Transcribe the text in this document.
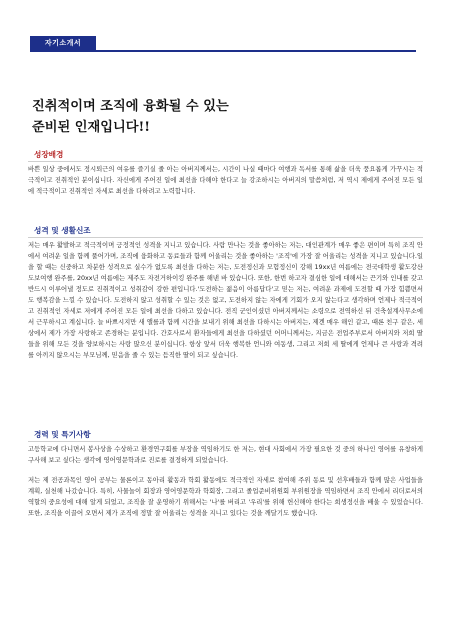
자기소개서
진취적이며 조직에 융화될 수 있는
준비된 인재입니다!!
성장배경
바쁜 일상 중에서도 정시퇴근의 여유를 즐기실 줄 아는 아버지께서는, 시간이 나실 때마다 여행과 독서를 통해 삶을 더욱 풍요롭게 가꾸시는 적극적이고 진취적인 분이십니다. 자신에게 주어진 일에 최선을 다해야 한다고 늘 강조하시는 아버지의 말씀처럼, 저 역시 제에게 주어진 모든 일에 적극적이고 진취적인 자세로 최선을 다하려고 노력합니다.
성격 및 생활신조
저는 매우 활발하고 적극적이며 긍정적인 성격을 지니고 있습니다. 사람 만나는 것을 좋아하는 저는, 대인관계가 매우 좋은 편이며 특히 조직 안에서 여려운 일을 함께 풀어가며, 조직에 융화하고 동료들과 함께 어울리는 것을 좋아하는 '조직'에 가장 잘 어울리는 성격을 지니고 있습니다.일을 할 때는 신중하고 차분한 성격으로 실수가 없도록 최선을 다하는 저는, 도전정신과 모험정신이 강해 19xx년 여름에는 전국대학생 활도강산 도보여행 완주를, 20xx년 여름에는 제주도 자전거하이킹 완주를 해낸 바 있습니다. 또한, 한번 하고자 결심한 일에 대해서는 끈기와 인내를 갖고 반드시 이루어낼 정도로 진취적이고 성취감이 강한 편입니다.'도전하는 젊음이 아름답다'고 믿는 저는, 여려운 과제에 도전할 때 가장 힘쁨면서도 행복감을 느낄 수 있습니다. 도전하지 않고 성취할 수 있는 것은 없고, 도전하지 않는 자에게 기회가 오지 않는다고 생각하며 언제나 적극적이고 진취적인 자세로 저에게 주어진 모든 일에 최선을 다하고 있습니다. 전직 군인이셨던 아버지께서는 소령으로 전역하신 뒤 건축설계사무소에서 근무하시고 계십니다. 늘 바쁘시지만 새 앨를과 함께 시간을 보내기 위해 최선을 다하시는 아버지는, 제겐 매우 해인 같고, 때론 친구 같은, 세상에서 제가 가장 사랑하고 존경하는 분입니다. 간호사로서 환자들에게 최선을 다하셨던 어머니께서는, 지금은 전업주부로서 아버지와 저희 딸들을 위해 모든 것을 양보하시는 사랑 많으신 분이십니다. 항상 앞서 더욱 행복한 언니와 여동생, 그리고 저희 세 딸에게 언제나 큰 사랑과 격려를 아끼지 않으시는 부모님께, 믿음을 줄 수 있는 듬직한 딸이 되고 싶습니다.
경력 및 특기사항
고등학교에 다니면서 봉사상을 수상하고 환경연구회를 부장을 역임하기도 한 저는, 현대 사회에서 가장 필요한 것 중의 하나인 영어를 유창하게 구사해 보고 싶다는 생각에 영어영문학과로 진로를 결정하게 되었습니다.
저는 제 전공과목인 영어 공부는 물론이고 동아리 활동과 학회 활동에도 적극적인 자세로 참여해 주위 동료 및 선후배들과 함께 많은 사업들을 계획, 실천해 나갔습니다. 특히, 사물놀이 회장과 영어영문학과 학회장, 그리고 졸업준비위원회 부위원장을 역임하면서 조직 안에서 리더로서의 역할의 중요성에 대해 알게 되었고, 조직을 잘 운영하기 위해서는 '나'를 버리고 '우리'를 위해 헌신해야 한다는 희생정신을 배울 수 있었습니다. 또한, 조직을 이끌어 오면서 제가 조직에 정말 잘 어울리는 성격을 지니고 있다는 것을 깨달기도 했습니다.
